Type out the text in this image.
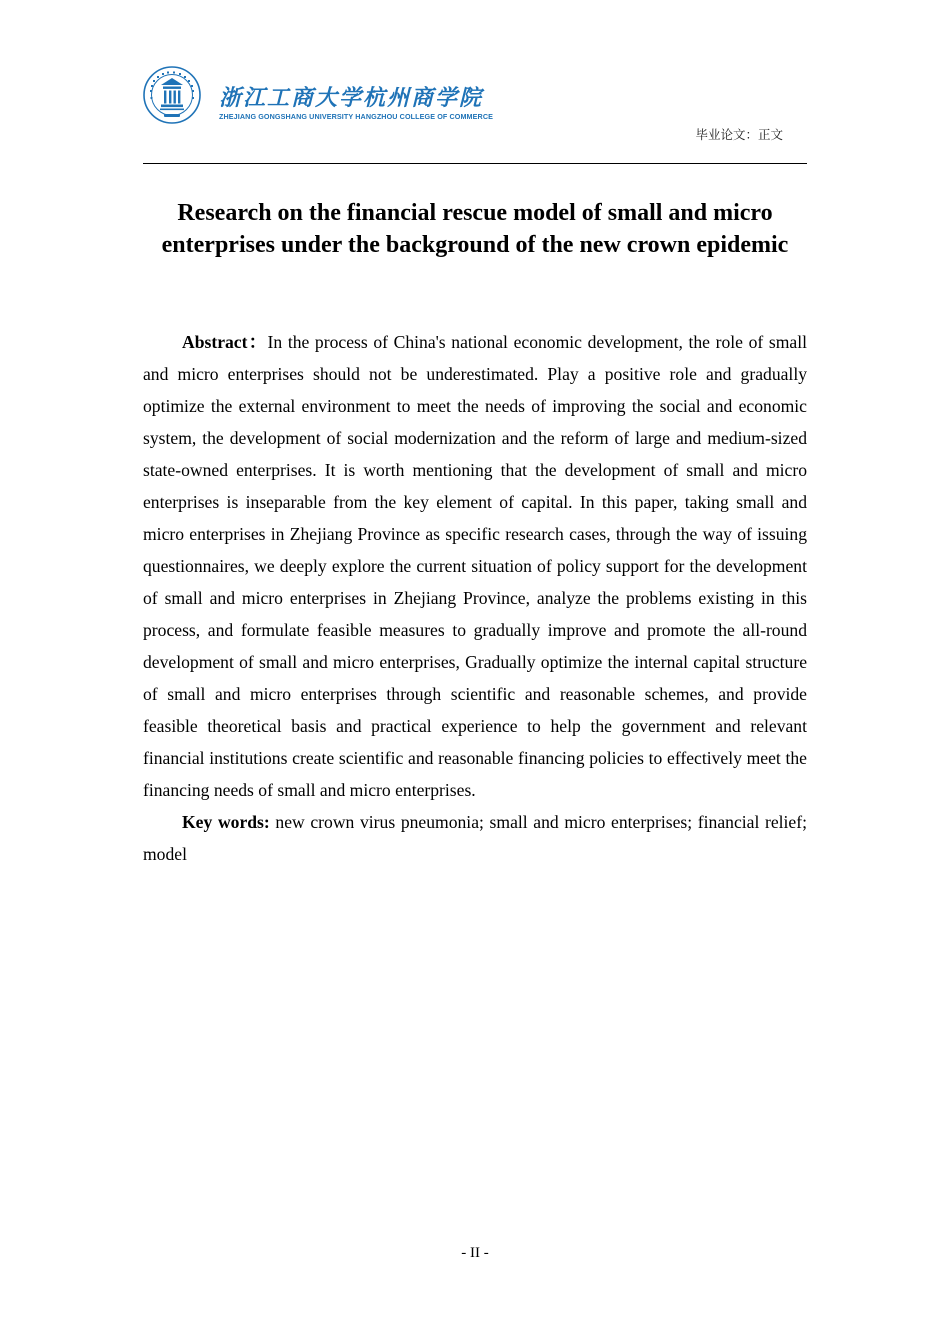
浙江工商大学杭州商学院
ZHEJIANG GONGSHANG UNIVERSITY HANGZHOU COLLEGE OF COMMERCE
毕业论文：正文
Research on the financial rescue model of small and micro enterprises under the background of the new crown epidemic

Abstract：In the process of China's national economic development, the role of small and micro enterprises should not be underestimated. Play a positive role and gradually optimize the external environment to meet the needs of improving the social and economic system, the development of social modernization and the reform of large and medium-sized state-owned enterprises. It is worth mentioning that the development of small and micro enterprises is inseparable from the key element of capital. In this paper, taking small and micro enterprises in Zhejiang Province as specific research cases, through the way of issuing questionnaires, we deeply explore the current situation of policy support for the development of small and micro enterprises in Zhejiang Province, analyze the problems existing in this process, and formulate feasible measures to gradually improve and promote the all-round development of small and micro enterprises, Gradually optimize the internal capital structure of small and micro enterprises through scientific and reasonable schemes, and provide feasible theoretical basis and practical experience to help the government and relevant financial institutions create scientific and reasonable financing policies to effectively meet the financing needs of small and micro enterprises.

Key words: new crown virus pneumonia; small and micro enterprises; financial relief; model

- II -
